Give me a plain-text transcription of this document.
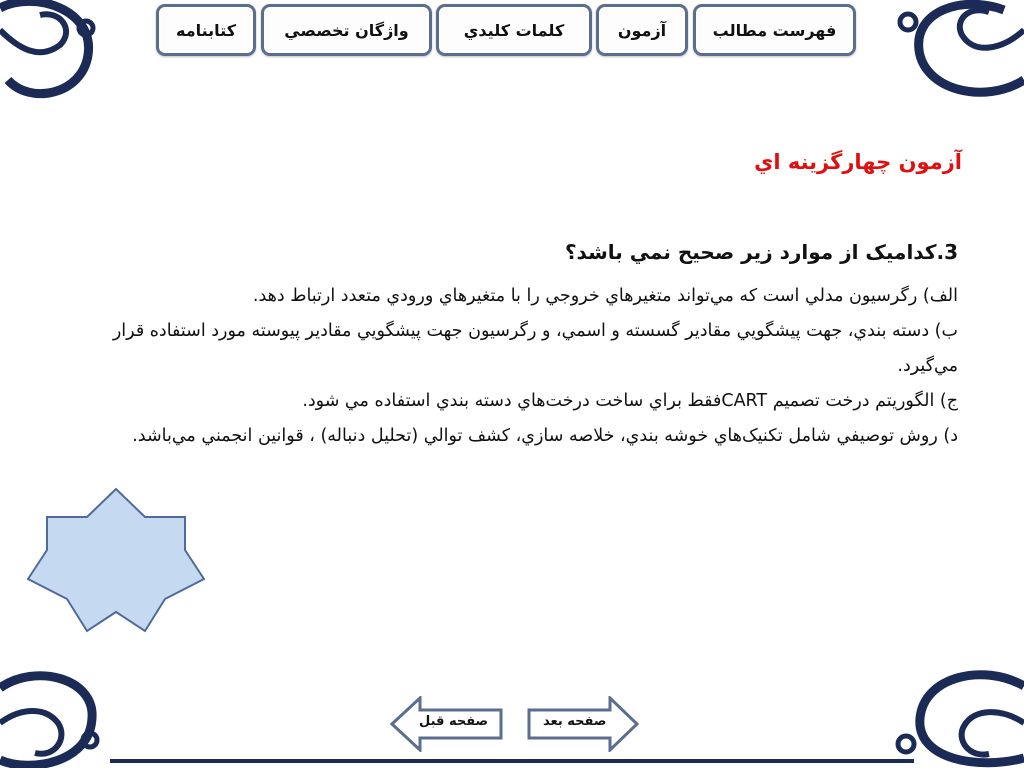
فهرست مطالب
آزمون
كلمات كليدي
واژگان تخصصي
كتابنامه
آزمون چهارگزينه اي
3.كداميک از موارد زير صحيح نمي باشد؟
الف) رگرسيون مدلي است كه مي‌تواند متغيرهاي خروجي را با متغيرهاي ورودي متعدد ارتباط دهد.
ب) دسته بندي، جهت پيشگويي مقادير گسسته و اسمي، و رگرسيون جهت پيشگويي مقادير پيوسته مورد استفاده قرار مي‌گيرد.
ج) الگوريتم درخت تصميم CARTفقط براي ساخت درخت‌هاي دسته بندي استفاده مي شود.
د) روش توصيفي شامل تكنيک‌هاي خوشه بندي، خلاصه سازي، كشف توالي (تحليل دنباله) ، قوانين انجمني مي‌باشد.
صفحه قبل	صفحه بعد
